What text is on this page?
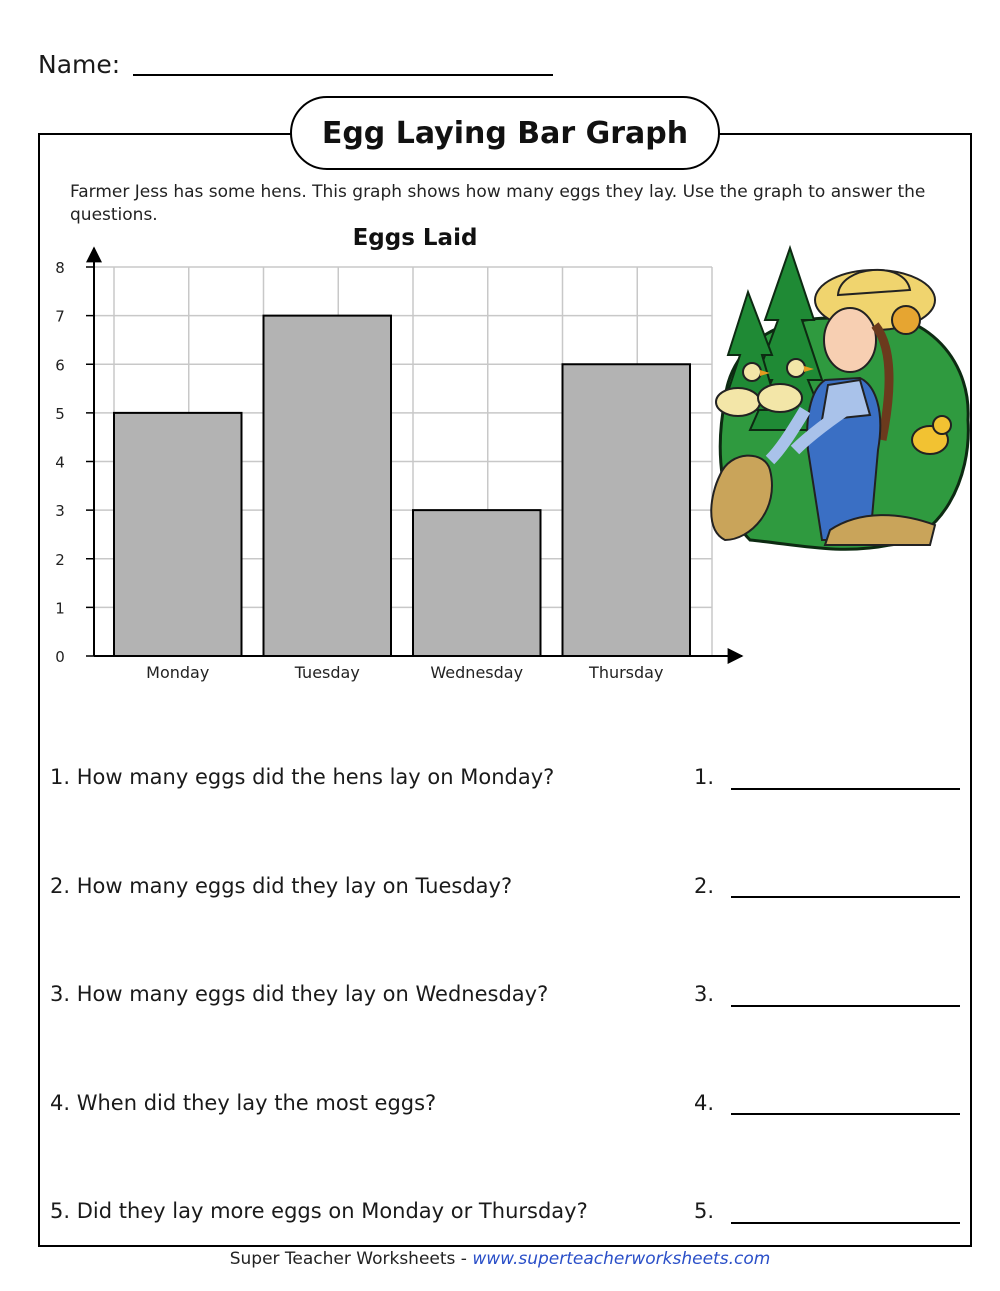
Name:
Egg Laying Bar Graph
Farmer Jess has some hens. This graph shows how many eggs they lay. Use the graph to answer the questions.
Eggs Laid
0
1
2
3
4
5
6
7
8
Monday	Tuesday	Wednesday	Thursday
1. How many eggs did the hens lay on Monday?	1.
2. How many eggs did they lay on Tuesday?	2.
3. How many eggs did they lay on Wednesday?	3.
4. When did they lay the most eggs?	4.
5. Did they lay more eggs on Monday or Thursday?	5.
Super Teacher Worksheets - www.superteacherworksheets.com
